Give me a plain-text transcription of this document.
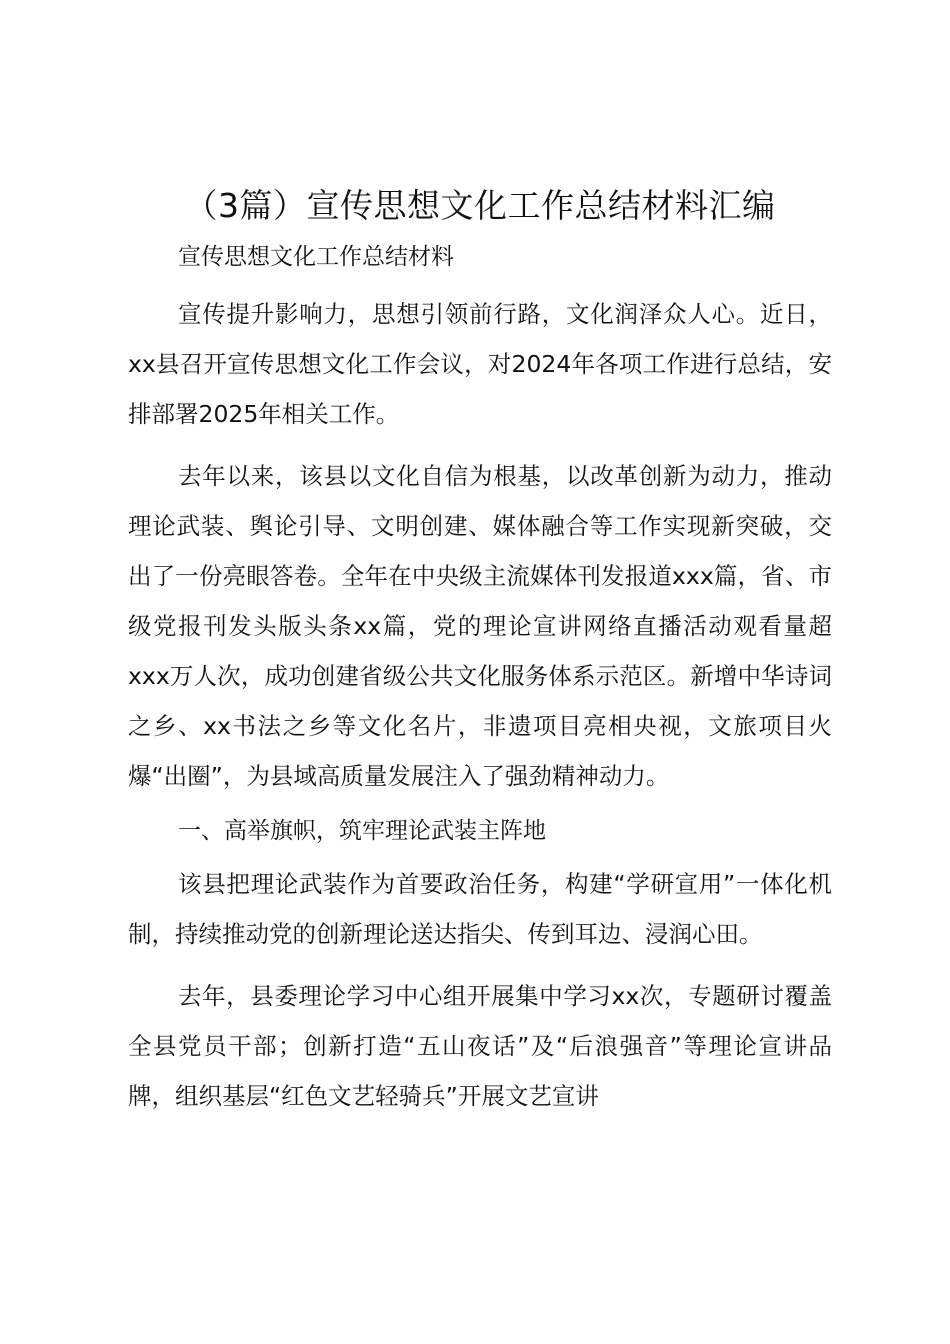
（3篇）宣传思想文化工作总结材料汇编

宣传思想文化工作总结材料

宣传提升影响力，思想引领前行路，文化润泽众人心。近日，xx县召开宣传思想文化工作会议，对2024年各项工作进行总结，安排部署2025年相关工作。

去年以来，该县以文化自信为根基，以改革创新为动力，推动理论武装、舆论引导、文明创建、媒体融合等工作实现新突破，交出了一份亮眼答卷。全年在中央级主流媒体刊发报道xxx篇，省、市级党报刊发头版头条xx篇，党的理论宣讲网络直播活动观看量超xxx万人次，成功创建省级公共文化服务体系示范区。新增中华诗词之乡、xx书法之乡等文化名片，非遗项目亮相央视，文旅项目火爆“出圈”，为县域高质量发展注入了强劲精神动力。

一、高举旗帜，筑牢理论武装主阵地

该县把理论武装作为首要政治任务，构建“学研宣用”一体化机制，持续推动党的创新理论送达指尖、传到耳边、浸润心田。

去年，县委理论学习中心组开展集中学习xx次，专题研讨覆盖全县党员干部；创新打造“五山夜话”及“后浪强音”等理论宣讲品牌，组织基层“红色文艺轻骑兵”开展文艺宣讲
